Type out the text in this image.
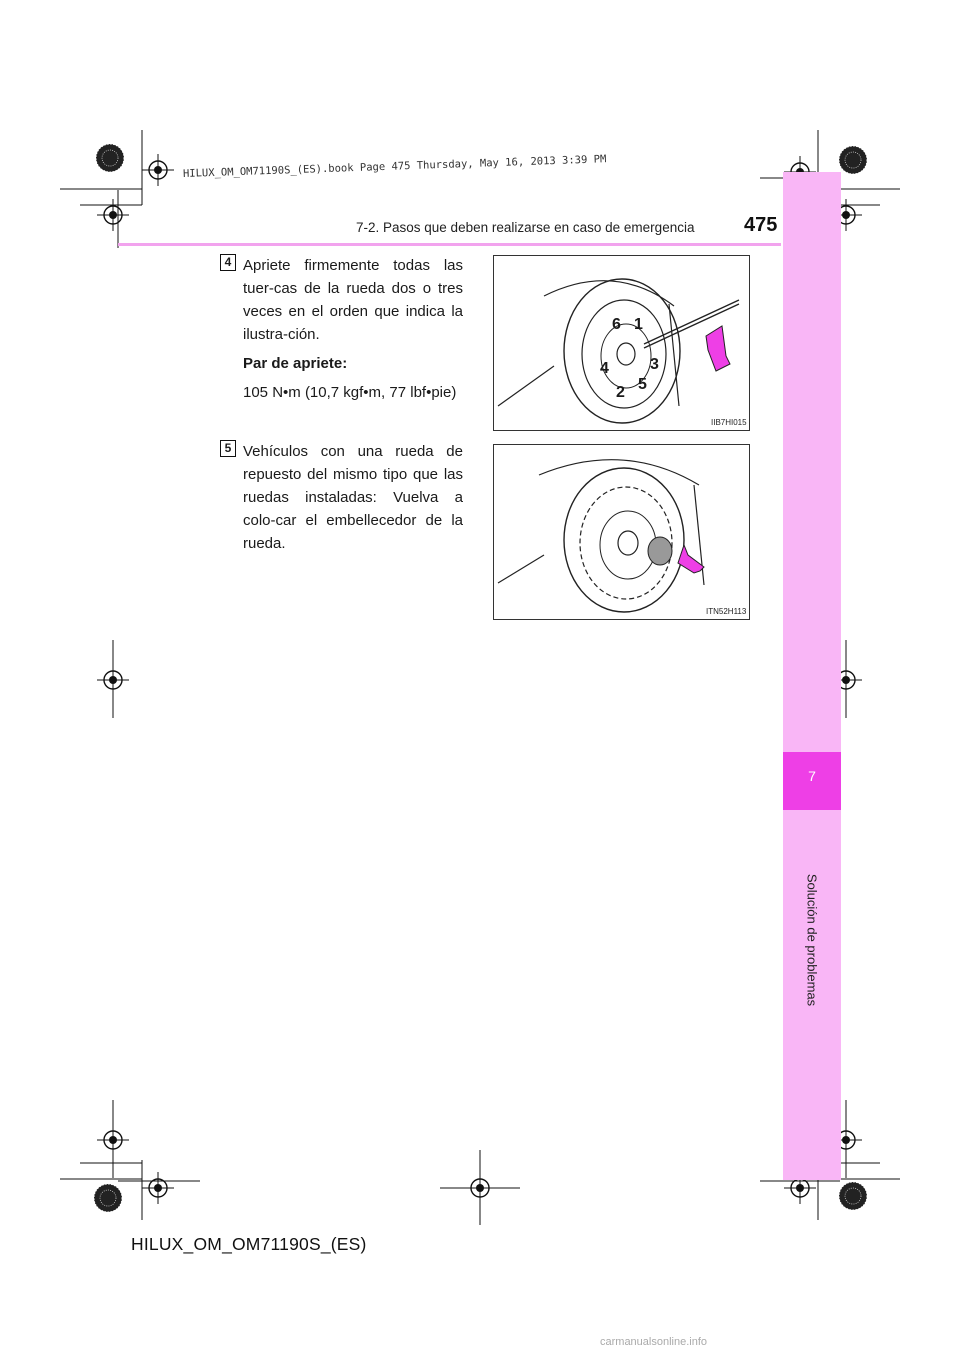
HILUX_OM_OM71190S_(ES).book Page 475 Thursday, May 16, 2013 3:39 PM
7
Solución de problemas
7-2. Pasos que deben realizarse en caso de emergencia 475
4 Apriete firmemente todas las tuer-cas de la rueda dos o tres veces en el orden que indica la ilustra-ción.
Par de apriete:
105 N•m (10,7 kgf•m, 77 lbf•pie)
6 1
4	3
2 5
IIB7HI015
5 Vehículos con una rueda de repuesto del mismo tipo que las ruedas instaladas: Vuelva a colo-car el embellecedor de la rueda.
ITN52H113
HILUX_OM_OM71190S_(ES)
carmanualsonline.info
